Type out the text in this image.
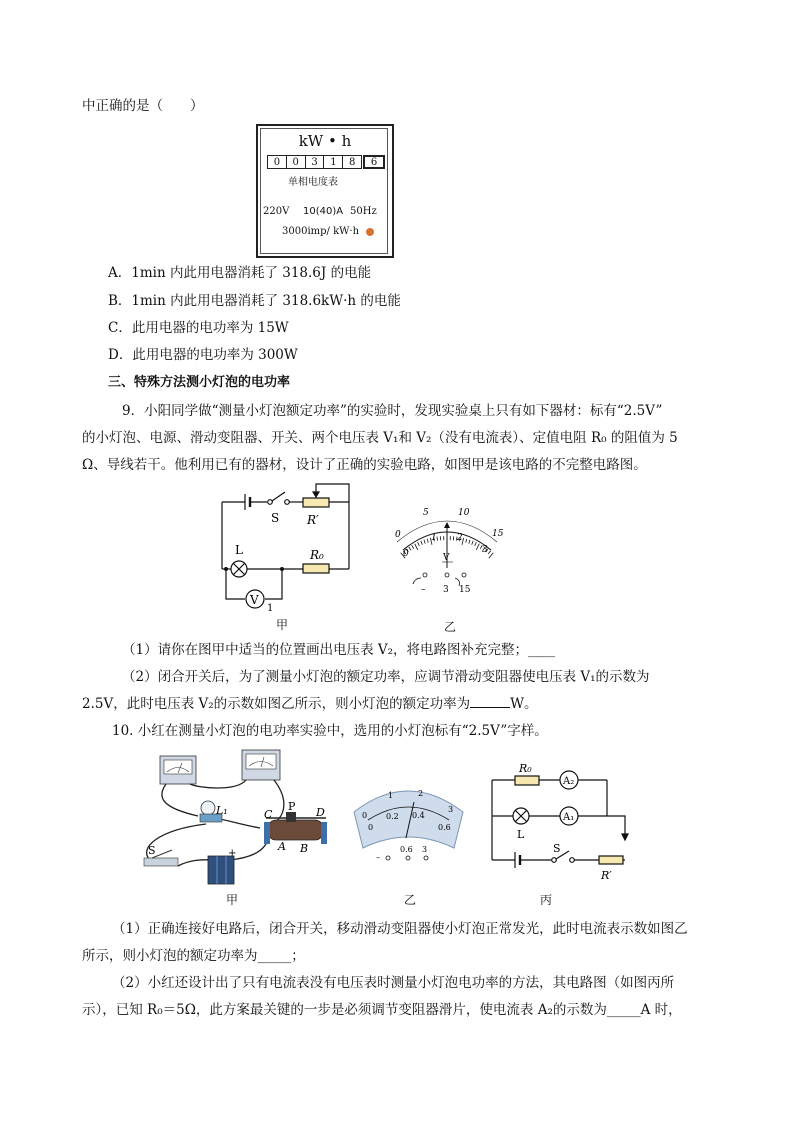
中正确的是（　　）
kW • h
0	0	3	1	8	6
单相电度表
220V 10(40)A 50Hz
3000imp/ kW·h
A．1min 内此用电器消耗了 318.6J 的电能
B．1min 内此用电器消耗了 318.6kW·h 的电能
C．此用电器的电功率为 15W
D．此用电器的电功率为 300W
三、特殊方法测小灯泡的电功率
9．小阳同学做“测量小灯泡额定功率”的实验时，发现实验桌上只有如下器材：标有“2.5V”
的小灯泡、电源、滑动变阻器、开关、两个电压表 V₁和 V₂（没有电流表）、定值电阻 R₀ 的阻值为 5
Ω、导线若干。他利用已有的器材，设计了正确的实验电路，如图甲是该电路的不完整电路图。
S R′
L	R₀
V
1
甲
0
5	10
15
0
1 2
3
V
– 3 15
乙
（1）请你在图甲中适当的位置画出电压表 V₂，将电路图补充完整；____
（2）闭合开关后，为了测量小灯泡的额定功率，应调节滑动变阻器使电压表 V₁的示数为
2.5V，此时电压表 V₂的示数如图乙所示，则小灯泡的额定功率为	W。
10. 小红在测量小灯泡的电功率实验中，选用的小灯泡标有“2.5V”字样。
L₁	C
P D
A B
S	+
甲
0
1	2
3
0
0.2 0.4
0.6
–
0.6 3
乙
R₀
A₂
A₁
L
S
R′
丙
（1）正确连接好电路后，闭合开关，移动滑动变阻器使小灯泡正常发光，此时电流表示数如图乙
所示，则小灯泡的额定功率为_____；
（2）小红还设计出了只有电流表没有电压表时测量小灯泡电功率的方法，其电路图（如图丙所
示），已知 R₀＝5Ω，此方案最关键的一步是必须调节变阻器滑片，使电流表 A₂的示数为_____A 时，
